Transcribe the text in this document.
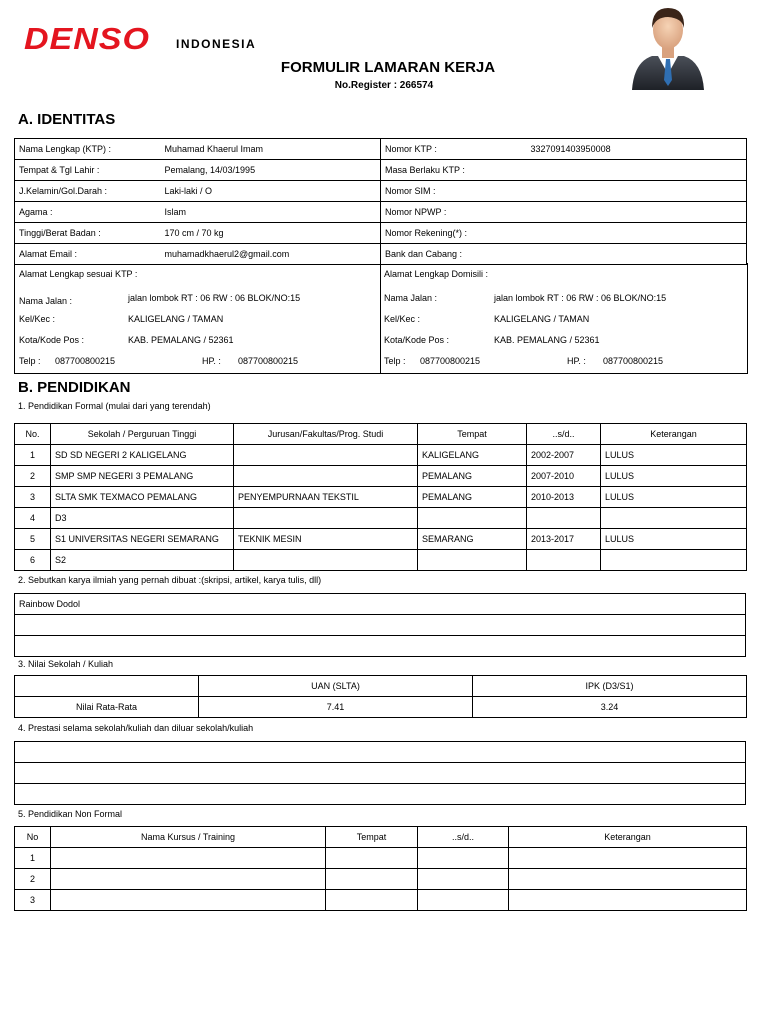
DENSO INDONESIA
FORMULIR LAMARAN KERJA
No.Register : 266574
A. IDENTITAS
Nama Lengkap (KTP) :	Muhamad Khaerul Imam	Nomor KTP :	3327091403950008
Tempat & Tgl Lahir :	Pemalang, 14/03/1995	Masa Berlaku KTP :	
J.Kelamin/Gol.Darah :	Laki-laki / O	Nomor SIM :	
Agama :	Islam	Nomor NPWP :	
Tinggi/Berat Badan :	170 cm / 70 kg	Nomor Rekening(*) :	
Alamat Email :	muhamadkhaerul2@gmail.com	Bank dan Cabang :	
Alamat Lengkap sesuai KTP :
Nama Jalan :	jalan lombok RT : 06 RW : 06 BLOK/NO:15
Kel/Kec :	KALIGELANG / TAMAN
Kota/Kode Pos :	KAB. PEMALANG / 52361
Telp : 087700800215	HP. : 087700800215
Alamat Lengkap Domisili :
Nama Jalan :	jalan lombok RT : 06 RW : 06 BLOK/NO:15
Kel/Kec :	KALIGELANG / TAMAN
Kota/Kode Pos :	KAB. PEMALANG / 52361
Telp : 087700800215	HP. : 087700800215
B. PENDIDIKAN
1. Pendidikan Formal (mulai dari yang terendah)
No.	Sekolah / Perguruan Tinggi	Jurusan/Fakultas/Prog. Studi	Tempat	..s/d..	Keterangan
1	SD SD NEGERI 2 KALIGELANG		KALIGELANG	2002-2007	LULUS
2	SMP SMP NEGERI 3 PEMALANG		PEMALANG	2007-2010	LULUS
3	SLTA SMK TEXMACO PEMALANG	PENYEMPURNAAN TEKSTIL	PEMALANG	2010-2013	LULUS
4	D3				
5	S1 UNIVERSITAS NEGERI SEMARANG	TEKNIK MESIN	SEMARANG	2013-2017	LULUS
6	S2				
2. Sebutkan karya ilmiah yang pernah dibuat :(skripsi, artikel, karya tulis, dll)
Rainbow Dodol

3. Nilai Sekolah / Kuliah
	UAN (SLTA)	IPK (D3/S1)
Nilai Rata-Rata	7.41	3.24
4. Prestasi selama sekolah/kuliah dan diluar sekolah/kuliah

5. Pendidikan Non Formal
No	Nama Kursus / Training	Tempat	..s/d..	Keterangan
1				
2				
3				
